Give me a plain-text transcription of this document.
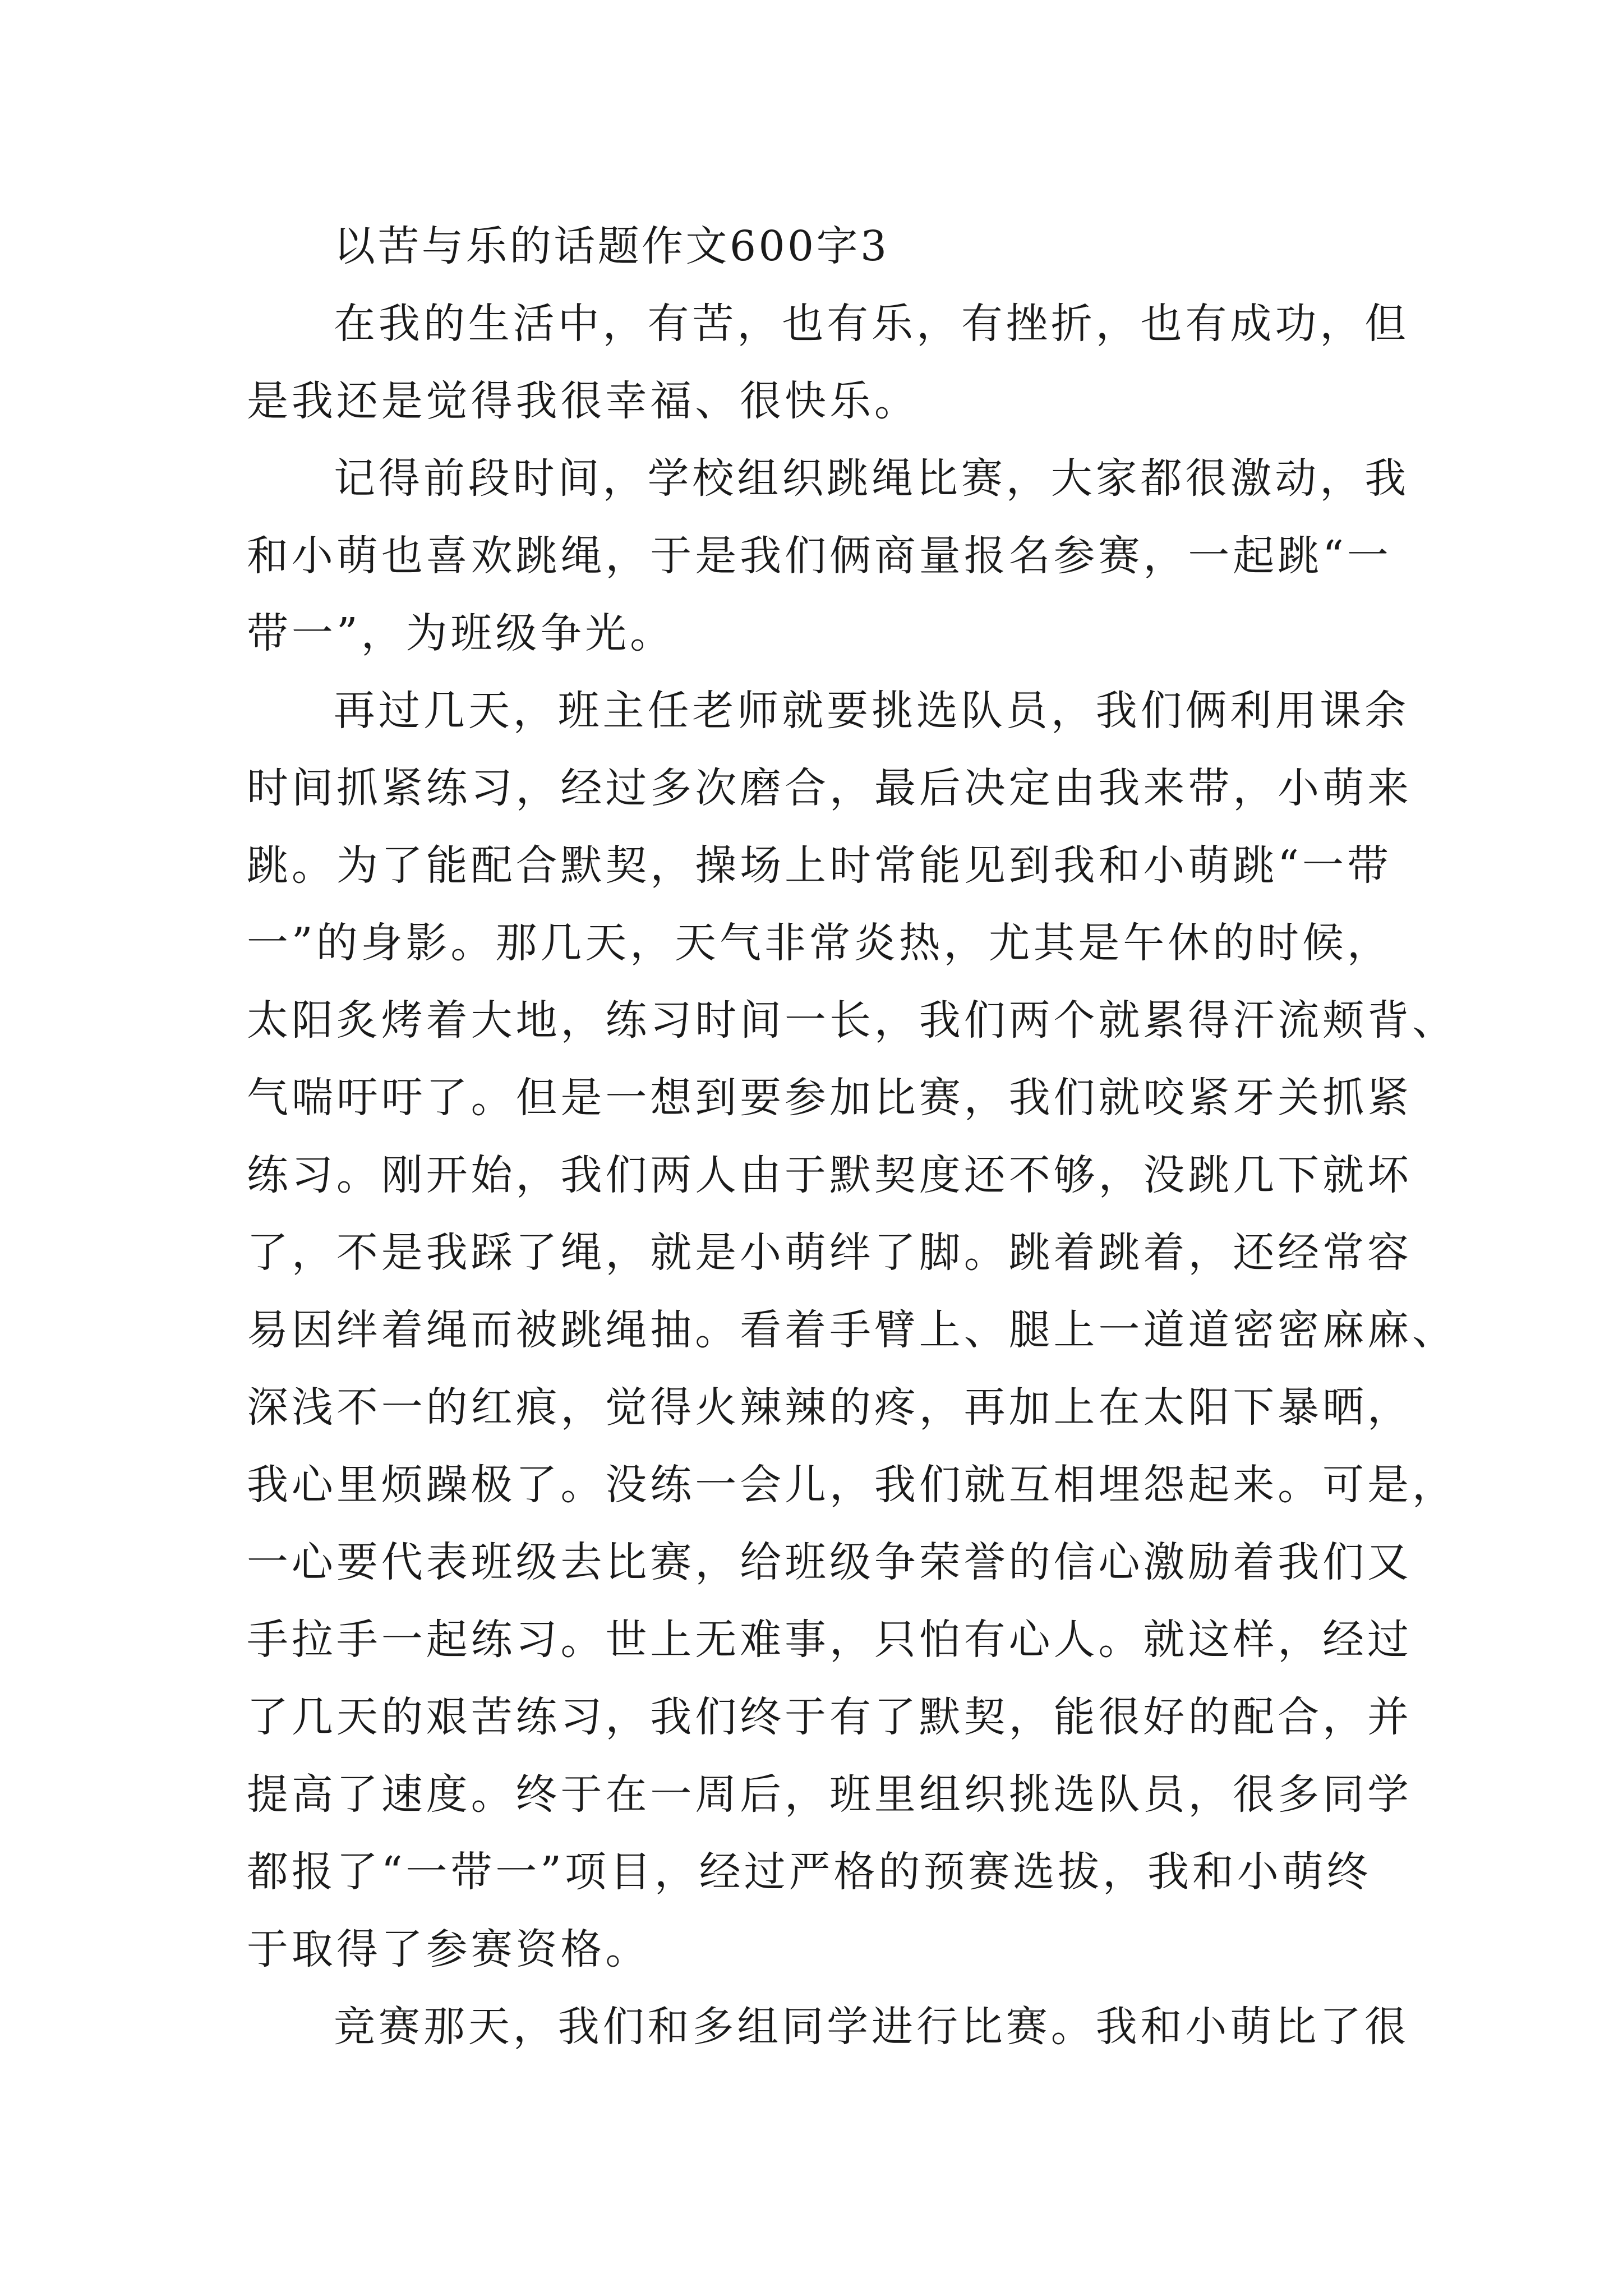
以苦与乐的话题作文600字3
在我的生活中，有苦，也有乐，有挫折，也有成功，但
是我还是觉得我很幸福、很快乐。
记得前段时间，学校组织跳绳比赛，大家都很激动，我
和小萌也喜欢跳绳，于是我们俩商量报名参赛，一起跳“一
带一”，为班级争光。
再过几天，班主任老师就要挑选队员，我们俩利用课余
时间抓紧练习，经过多次磨合，最后决定由我来带，小萌来
跳。为了能配合默契，操场上时常能见到我和小萌跳“一带
一”的身影。那几天，天气非常炎热，尤其是午休的时候，
太阳炙烤着大地，练习时间一长，我们两个就累得汗流颊背、
气喘吁吁了。但是一想到要参加比赛，我们就咬紧牙关抓紧
练习。刚开始，我们两人由于默契度还不够，没跳几下就坏
了，不是我踩了绳，就是小萌绊了脚。跳着跳着，还经常容
易因绊着绳而被跳绳抽。看着手臂上、腿上一道道密密麻麻、
深浅不一的红痕，觉得火辣辣的疼，再加上在太阳下暴晒，
我心里烦躁极了。没练一会儿，我们就互相埋怨起来。可是，
一心要代表班级去比赛，给班级争荣誉的信心激励着我们又
手拉手一起练习。世上无难事，只怕有心人。就这样，经过
了几天的艰苦练习，我们终于有了默契，能很好的配合，并
提高了速度。终于在一周后，班里组织挑选队员，很多同学
都报了“一带一”项目，经过严格的预赛选拔，我和小萌终
于取得了参赛资格。
竞赛那天，我们和多组同学进行比赛。我和小萌比了很
